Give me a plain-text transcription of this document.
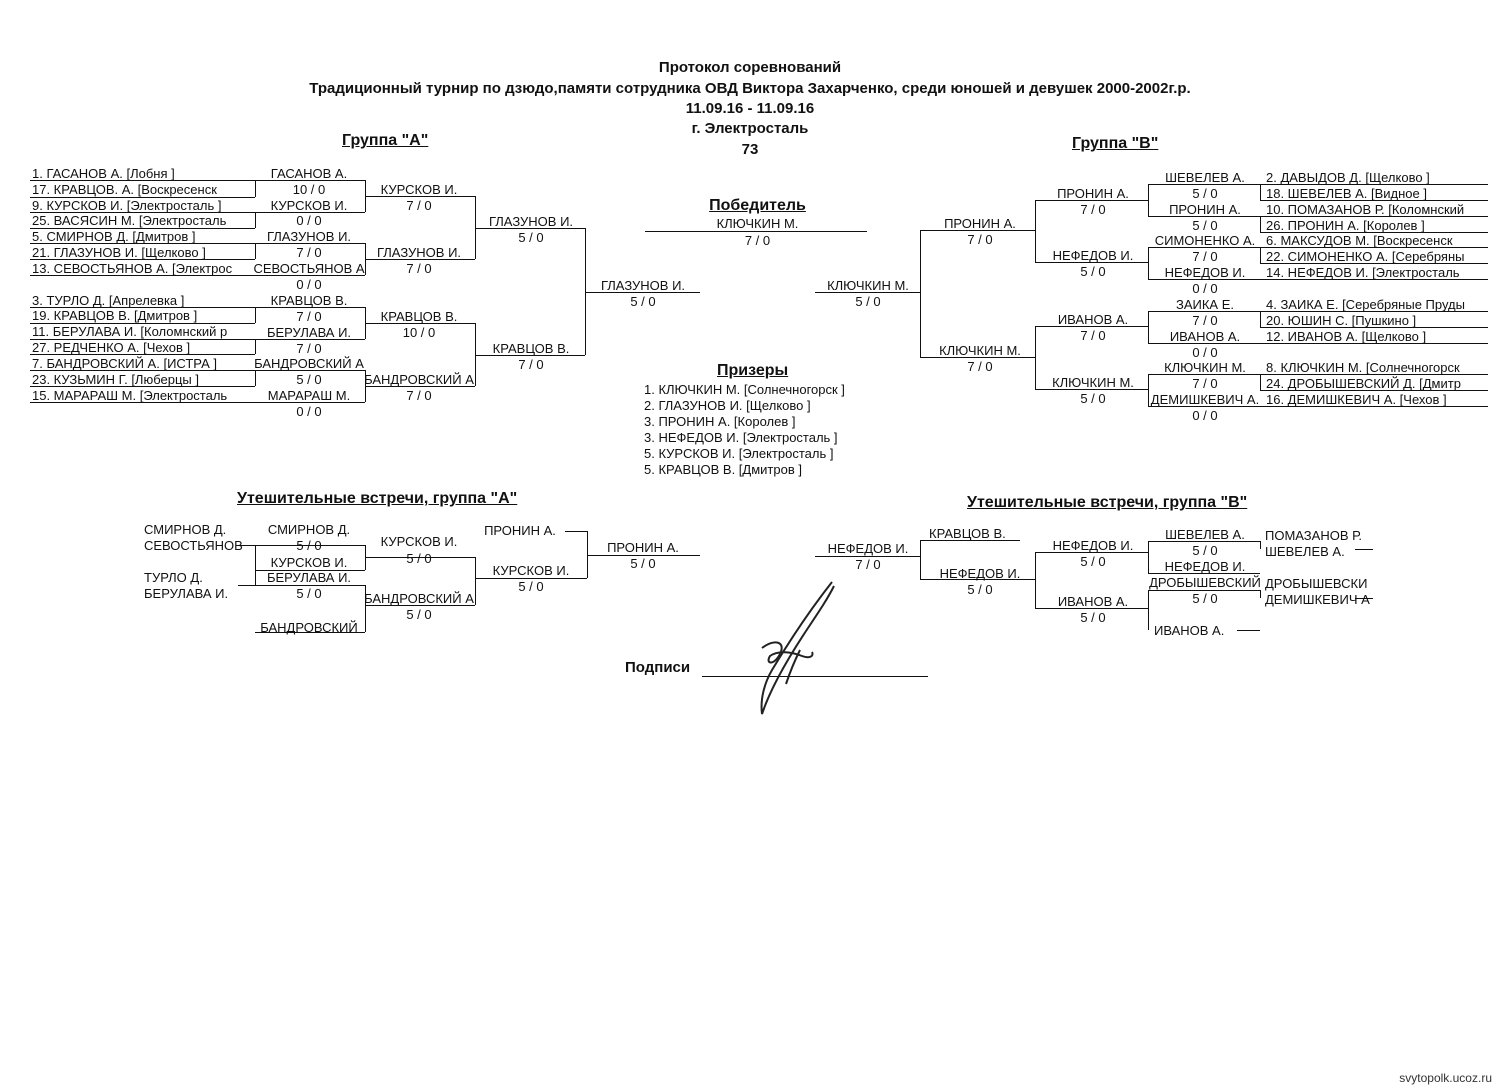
Протокол соревнований
Традиционный турнир по дзюдо,памяти сотрудника ОВД Виктора Захарченко, среди юношей и девушек 2000-2002г.р.
11.09.16 - 11.09.16
г. Электросталь
73
Группа "А"	Группа "В"
1. ГАСАНОВ А. [Лобня ]
17. КРАВЦОВ. А. [Воскресенск
9. КУРСКОВ И. [Электросталь ]
25. ВАСЯСИН М. [Электросталь
5. СМИРНОВ Д. [Дмитров ]
21. ГЛАЗУНОВ И. [Щелково ]
13. СЕВОСТЬЯНОВ А. [Электрос
3. ТУРЛО Д. [Апрелевка ]
19. КРАВЦОВ В. [Дмитров ]
11. БЕРУЛАВА И. [Коломнский р
27. РЕДЧЕНКО А. [Чехов ]
7. БАНДРОВСКИЙ А. [ИСТРА ]
23. КУЗЬМИН Г. [Люберцы ]
15. МАРАРАШ М. [Электросталь
ГАСАНОВ А.
10 / 0
КУРСКОВ И.
0 / 0
ГЛАЗУНОВ И.
7 / 0
СЕВОСТЬЯНОВ А
0 / 0
КРАВЦОВ В.
7 / 0
БЕРУЛАВА И.
7 / 0
БАНДРОВСКИЙ А
5 / 0
МАРАРАШ М.
0 / 0
КУРСКОВ И.
7 / 0
ГЛАЗУНОВ И.
7 / 0
КРАВЦОВ В.
10 / 0
БАНДРОВСКИЙ А
7 / 0
ГЛАЗУНОВ И.
5 / 0
КРАВЦОВ В.
7 / 0
ГЛАЗУНОВ И.
5 / 0
Победитель
КЛЮЧКИН М.
7 / 0
КЛЮЧКИН М.
5 / 0
ПРОНИН А.
7 / 0
КЛЮЧКИН М.
7 / 0
ПРОНИН А.
7 / 0
НЕФЕДОВ И.
5 / 0
ИВАНОВ А.
7 / 0
КЛЮЧКИН М.
5 / 0
ШЕВЕЛЕВ А.
5 / 0
ПРОНИН А.
5 / 0
СИМОНЕНКО А.
7 / 0
НЕФЕДОВ И.
0 / 0
ЗАИКА Е.
7 / 0
ИВАНОВ А.
0 / 0
КЛЮЧКИН М.
7 / 0
ДЕМИШКЕВИЧ А.
0 / 0
2. ДАВЫДОВ Д. [Щелково ]
18. ШЕВЕЛЕВ А. [Видное ]
10. ПОМАЗАНОВ Р. [Коломнский
26. ПРОНИН А. [Королев ]
6. МАКСУДОВ М. [Воскресенск
22. СИМОНЕНКО А. [Серебряны
14. НЕФЕДОВ И. [Электросталь
4. ЗАИКА Е. [Серебряные Пруды
20. ЮШИН С. [Пушкино ]
12. ИВАНОВ А. [Щелково ]
8. КЛЮЧКИН М. [Солнечногорск
24. ДРОБЫШЕВСКИЙ Д. [Дмитр
16. ДЕМИШКЕВИЧ А. [Чехов ]
Призеры
1. КЛЮЧКИН М. [Солнечногорск ]
2. ГЛАЗУНОВ И. [Щелково ]
3. ПРОНИН А. [Королев ]
3. НЕФЕДОВ И. [Электросталь ]
5. КУРСКОВ И. [Электросталь ]
5. КРАВЦОВ В. [Дмитров ]
Утешительные встречи, группа "А"
СМИРНОВ Д.
СЕВОСТЬЯНОВ
ТУРЛО Д.
БЕРУЛАВА И.
СМИРНОВ Д.
5 / 0
КУРСКОВ И.
БЕРУЛАВА И.
5 / 0
БАНДРОВСКИЙ
КУРСКОВ И.
5 / 0
БАНДРОВСКИЙ А
5 / 0
ПРОНИН А.
КУРСКОВ И.
5 / 0
ПРОНИН А.
5 / 0
Утешительные встречи, группа "В"
НЕФЕДОВ И.
7 / 0
КРАВЦОВ В.
НЕФЕДОВ И.
5 / 0
НЕФЕДОВ И.
5 / 0
ИВАНОВ А.
5 / 0
ШЕВЕЛЕВ А.
5 / 0
НЕФЕДОВ И.
ДРОБЫШЕВСКИЙ
5 / 0
ИВАНОВ А.
ПОМАЗАНОВ Р.
ШЕВЕЛЕВ А.
ДРОБЫШЕВСКИ
ДЕМИШКЕВИЧ А
Подписи
svytopolk.ucoz.ru
